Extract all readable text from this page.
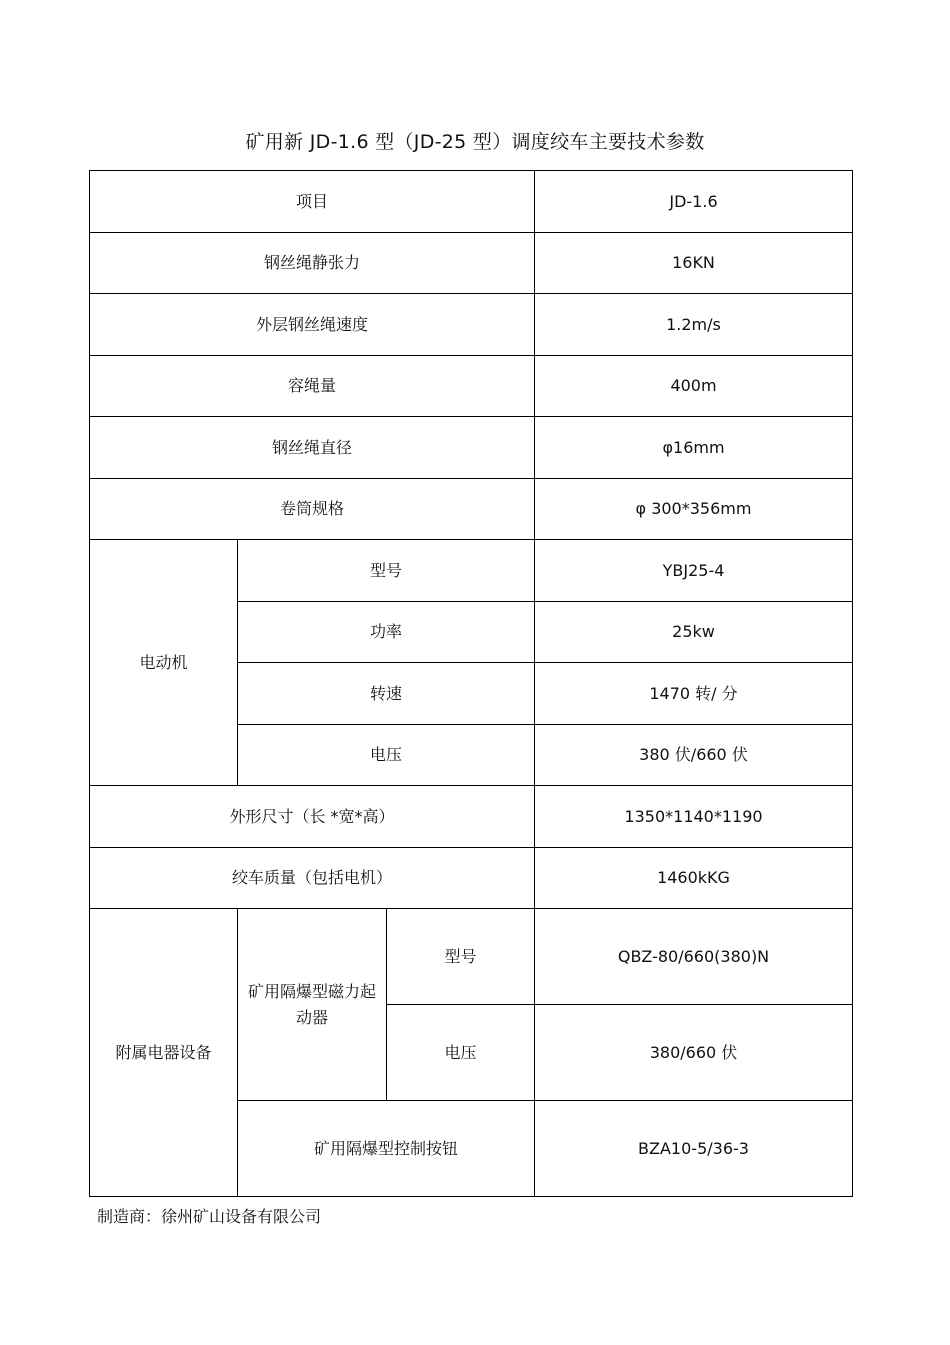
矿用新 JD-1.6 型（JD-25 型）调度绞车主要技术参数
项目			JD-1.6
钢丝绳静张力			16KN
外层钢丝绳速度			1.2m/s
容绳量			400m
钢丝绳直径			φ16mm
卷筒规格			φ 300*356mm
电动机	型号		YBJ25-4
	功率		25kw
	转速		1470 转/ 分
	电压		380 伏/660 伏
外形尺寸（长 *宽*高）			1350*1140*1190
绞车质量（包括电机）			1460kKG
附属电器设备	矿用隔爆型磁力起动器	型号	QBZ-80/660(380)N
		电压	380/660 伏
	矿用隔爆型控制按钮		BZA10-5/36-3
制造商：徐州矿山设备有限公司
